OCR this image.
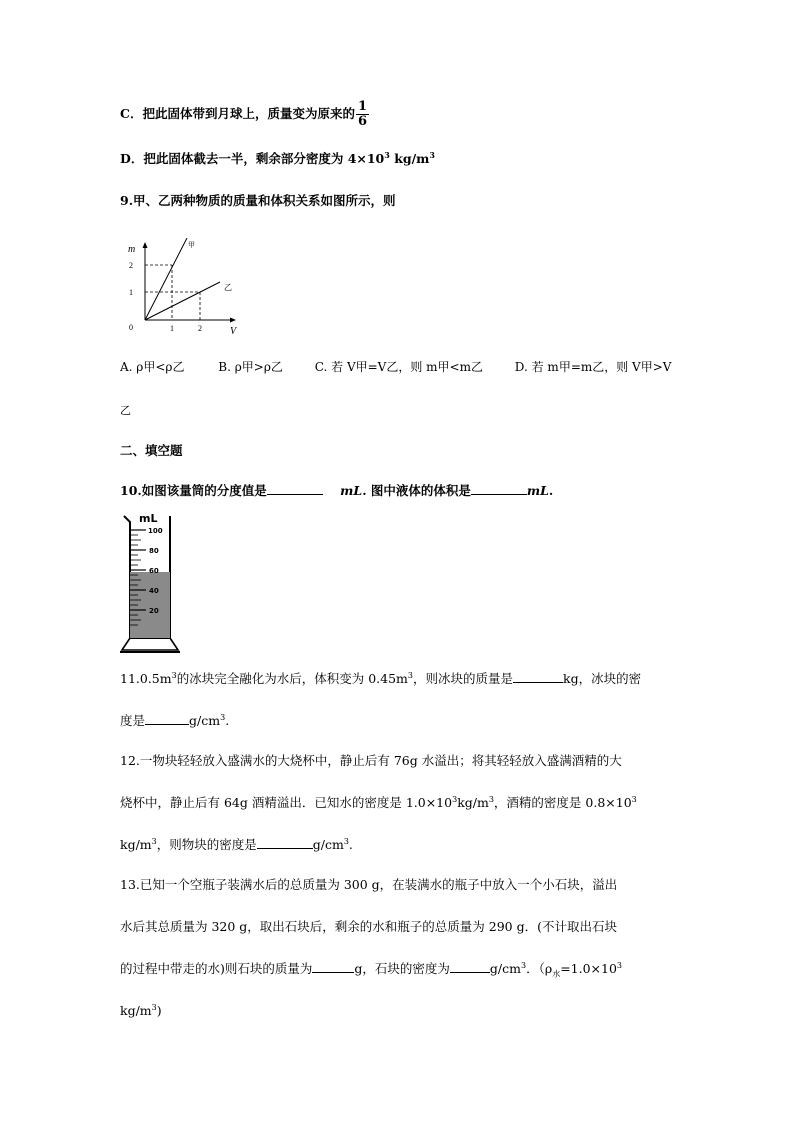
C．把此固体带到月球上，质量变为原来的 $\frac{1}{6}$
D．把此固体截去一半，剩余部分密度为 $4\times 10^3$ $kg/m^3$
9.甲、乙两种物质的质量和体积关系如图所示，则
m
V
0
2
1
1	2
甲
乙
A. ρ甲<ρ乙	B. ρ甲>ρ乙	C. 若 V甲=V乙，则 m甲<m乙	D. 若 m甲=m乙，则 V甲>V
乙
二、填空题
10.如图该量筒的分度值是	mL. 图中液体的体积是	mL.
mL
100
80
60
40
20
$11.0.5m^3$的冰块完全融化为水后，体积变为 $0.45m^3$，则冰块的质量是	kg，冰块的密
度是	$g/cm^3$.
12.一物块轻轻放入盛满水的大烧杯中，静止后有 76g 水溢出；将其轻轻放入盛满酒精的大
烧杯中，静止后有 64g 酒精溢出．已知水的密度是 $1.0\times 10^3kg/m^3$，酒精的密度是 $0.8\times 10^3$
$kg/m^3$，则物块的密度是	$g/cm^3$.
13.已知一个空瓶子装满水后的总质量为 300 g，在装满水的瓶子中放入一个小石块，溢出
水后其总质量为 320 g，取出石块后，剩余的水和瓶子的总质量为 290 g．(不计取出石块
的过程中带走的水)则石块的质量为	g，石块的密度为	$g/cm^3$．（$\rho_水=1.0\times 10^3$
$kg/m^3$)
